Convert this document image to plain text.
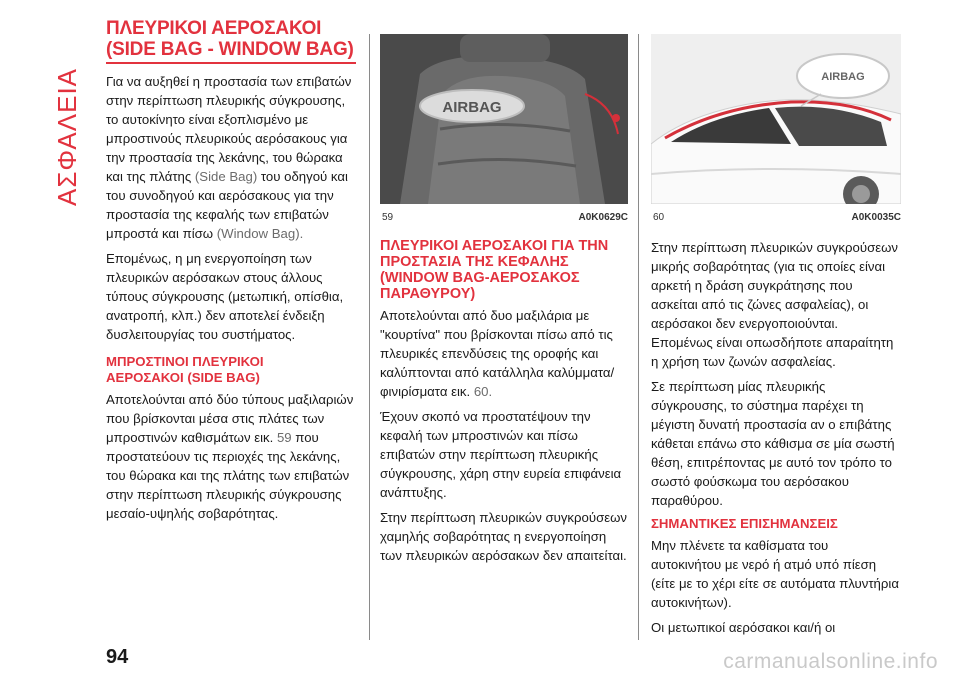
ΑΣΦΑΛΕΙΑ
ΠΛΕΥΡΙΚΟΙ ΑΕΡΟΣΑΚΟΙ
(SIDE BAG - WINDOW BAG)

Για να αυξηθεί η προστασία των επιβατών στην περίπτωση πλευρικής σύγκρουσης, το αυτοκίνητο είναι εξοπλισμένο με μπροστινούς πλευρικούς αερόσακους για την προστασία της λεκάνης, του θώρακα και της πλάτης (Side Bag) του οδηγού και του συνοδηγού και αερόσακους για την προστασία της κεφαλής των επιβατών μπροστά και πίσω (Window Bag).

Επομένως, η μη ενεργοποίηση των πλευρικών αερόσακων στους άλλους τύπους σύγκρουσης (μετωπική, οπίσθια, ανατροπή, κλπ.) δεν αποτελεί ένδειξη δυσλειτουργίας του συστήματος.

ΜΠΡΟΣΤΙΝΟΙ ΠΛΕΥΡΙΚΟΙ
ΑΕΡΟΣΑΚΟΙ (SIDE BAG)

Αποτελούνται από δύο τύπους μαξιλαριών που βρίσκονται μέσα στις πλάτες των μπροστινών καθισμάτων εικ. 59 που προστατεύουν τις περιοχές της λεκάνης, του θώρακα και της πλάτης των επιβατών στην περίπτωση πλευρικής σύγκρουσης μεσαίο-υψηλής σοβαρότητας.

AIRBAG
59	A0K0629C
AIRBAG
60	A0K0035C
ΠΛΕΥΡΙΚΟΙ ΑΕΡΟΣΑΚΟΙ ΓΙΑ ΤΗΝ
ΠΡΟΣΤΑΣΙΑ ΤΗΣ ΚΕΦΑΛΗΣ
(WINDOW BAG-ΑΕΡΟΣΑΚΟΣ
ΠΑΡΑΘΥΡΟΥ)

Αποτελούνται από δυο μαξιλάρια με "κουρτίνα" που βρίσκονται πίσω από τις πλευρικές επενδύσεις της οροφής και καλύπτονται από κατάλληλα καλύμματα/φινιρίσματα εικ. 60.

Έχουν σκοπό να προστατέψουν την κεφαλή των μπροστινών και πίσω επιβατών στην περίπτωση πλευρικής σύγκρουσης, χάρη στην ευρεία επιφάνεια ανάπτυξης.

Στην περίπτωση πλευρικών συγκρούσεων χαμηλής σοβαρότητας η ενεργοποίηση των πλευρικών αερόσακων δεν απαιτείται.

Στην περίπτωση πλευρικών συγκρούσεων μικρής σοβαρότητας (για τις οποίες είναι αρκετή η δράση συγκράτησης που ασκείται από τις ζώνες ασφαλείας), οι αερόσακοι δεν ενεργοποιούνται. Επομένως είναι οπωσδήποτε απαραίτητη η χρήση των ζωνών ασφαλείας.

Σε περίπτωση μίας πλευρικής σύγκρουσης, το σύστημα παρέχει τη μέγιστη δυνατή προστασία αν ο επιβάτης κάθεται επάνω στο κάθισμα σε μία σωστή θέση, επιτρέποντας με αυτό τον τρόπο το σωστό φούσκωμα του αερόσακου παραθύρου.

ΣΗΜΑΝΤΙΚΕΣ ΕΠΙΣΗΜΑΝΣΕΙΣ

Μην πλένετε τα καθίσματα του αυτοκινήτου με νερό ή ατμό υπό πίεση (είτε με το χέρι είτε σε αυτόματα πλυντήρια αυτοκινήτων).

Οι μετωπικοί αερόσακοι και/ή οι

94	carmanualsonline.info
